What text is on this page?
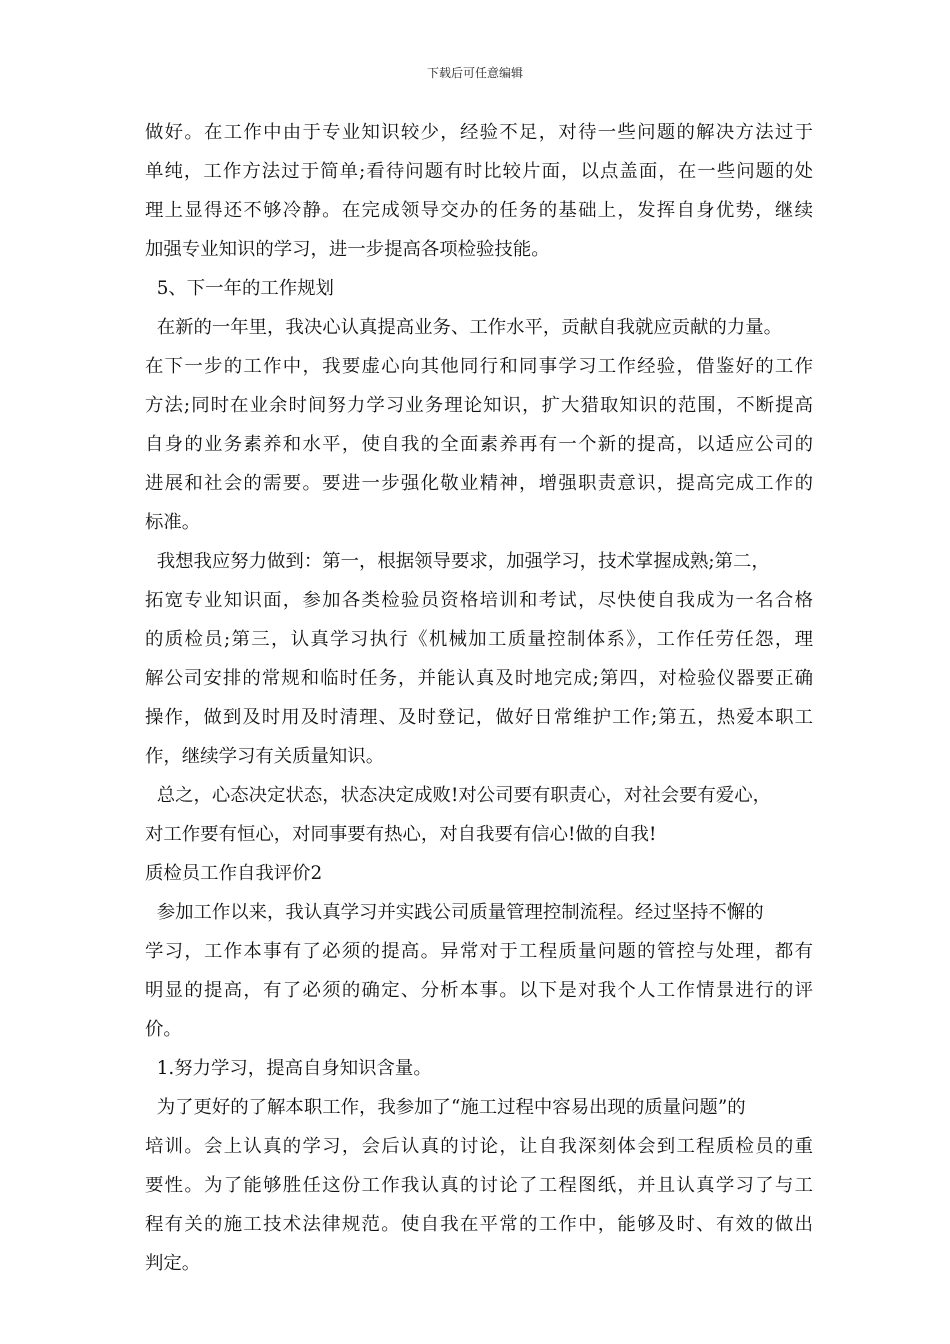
下载后可任意编辑
做好。在工作中由于专业知识较少，经验不足，对待一些问题的解决方法过于
单纯，工作方法过于简单;看待问题有时比较片面，以点盖面，在一些问题的处
理上显得还不够冷静。在完成领导交办的任务的基础上，发挥自身优势，继续
加强专业知识的学习，进一步提高各项检验技能。
5、下一年的工作规划
在新的一年里，我决心认真提高业务、工作水平，贡献自我就应贡献的力量。
在下一步的工作中，我要虚心向其他同行和同事学习工作经验，借鉴好的工作
方法;同时在业余时间努力学习业务理论知识，扩大猎取知识的范围，不断提高
自身的业务素养和水平，使自我的全面素养再有一个新的提高，以适应公司的
进展和社会的需要。要进一步强化敬业精神，增强职责意识，提高完成工作的
标准。
我想我应努力做到：第一，根据领导要求，加强学习，技术掌握成熟;第二，
拓宽专业知识面，参加各类检验员资格培训和考试，尽快使自我成为一名合格
的质检员;第三，认真学习执行《机械加工质量控制体系》，工作任劳任怨，理
解公司安排的常规和临时任务，并能认真及时地完成;第四，对检验仪器要正确
操作，做到及时用及时清理、及时登记，做好日常维护工作;第五，热爱本职工
作，继续学习有关质量知识。
总之，心态决定状态，状态决定成败!对公司要有职责心，对社会要有爱心，
对工作要有恒心，对同事要有热心，对自我要有信心!做的自我!
质检员工作自我评价2
参加工作以来，我认真学习并实践公司质量管理控制流程。经过坚持不懈的
学习，工作本事有了必须的提高。异常对于工程质量问题的管控与处理，都有
明显的提高，有了必须的确定、分析本事。以下是对我个人工作情景进行的评
价。
1.努力学习，提高自身知识含量。
为了更好的了解本职工作，我参加了“施工过程中容易出现的质量问题”的
培训。会上认真的学习，会后认真的讨论，让自我深刻体会到工程质检员的重
要性。为了能够胜任这份工作我认真的讨论了工程图纸，并且认真学习了与工
程有关的施工技术法律规范。使自我在平常的工作中，能够及时、有效的做出
判定。
